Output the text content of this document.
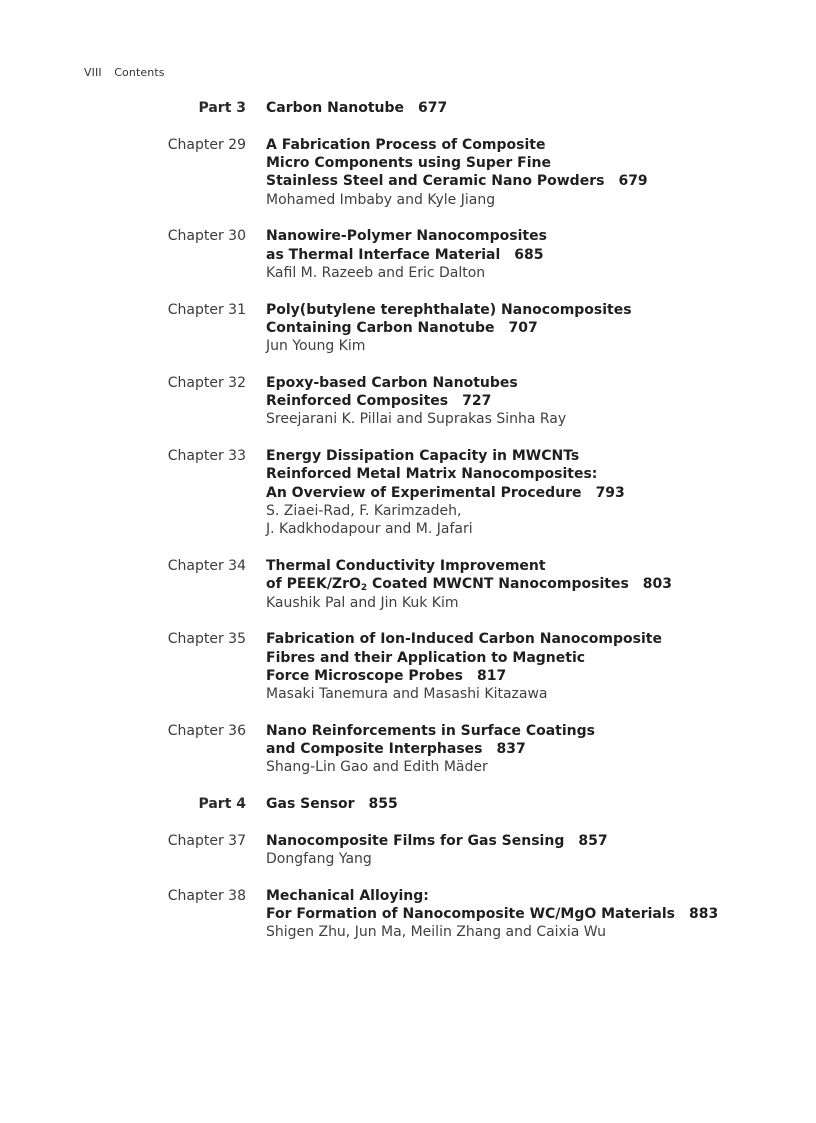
VIII Contents
Part 3 Carbon Nanotube 677
Chapter 29 A Fabrication Process of Composite
Micro Components using Super Fine
Stainless Steel and Ceramic Nano Powders 679
Mohamed Imbaby and Kyle Jiang
Chapter 30 Nanowire-Polymer Nanocomposites
as Thermal Interface Material 685
Kafil M. Razeeb and Eric Dalton
Chapter 31 Poly(butylene terephthalate) Nanocomposites
Containing Carbon Nanotube 707
Jun Young Kim
Chapter 32 Epoxy-based Carbon Nanotubes
Reinforced Composites 727
Sreejarani K. Pillai and Suprakas Sinha Ray
Chapter 33 Energy Dissipation Capacity in MWCNTs
Reinforced Metal Matrix Nanocomposites:
An Overview of Experimental Procedure 793
S. Ziaei-Rad, F. Karimzadeh,
J. Kadkhodapour and M. Jafari
Chapter 34 Thermal Conductivity Improvement
of PEEK/ZrO$_2$ Coated MWCNT Nanocomposites 803
Kaushik Pal and Jin Kuk Kim
Chapter 35 Fabrication of Ion-Induced Carbon Nanocomposite
Fibres and their Application to Magnetic
Force Microscope Probes 817
Masaki Tanemura and Masashi Kitazawa
Chapter 36 Nano Reinforcements in Surface Coatings
and Composite Interphases 837
Shang-Lin Gao and Edith Mäder
Part 4 Gas Sensor 855
Chapter 37 Nanocomposite Films for Gas Sensing 857
Dongfang Yang
Chapter 38 Mechanical Alloying:
For Formation of Nanocomposite WC/MgO Materials 883
Shigen Zhu, Jun Ma, Meilin Zhang and Caixia Wu
